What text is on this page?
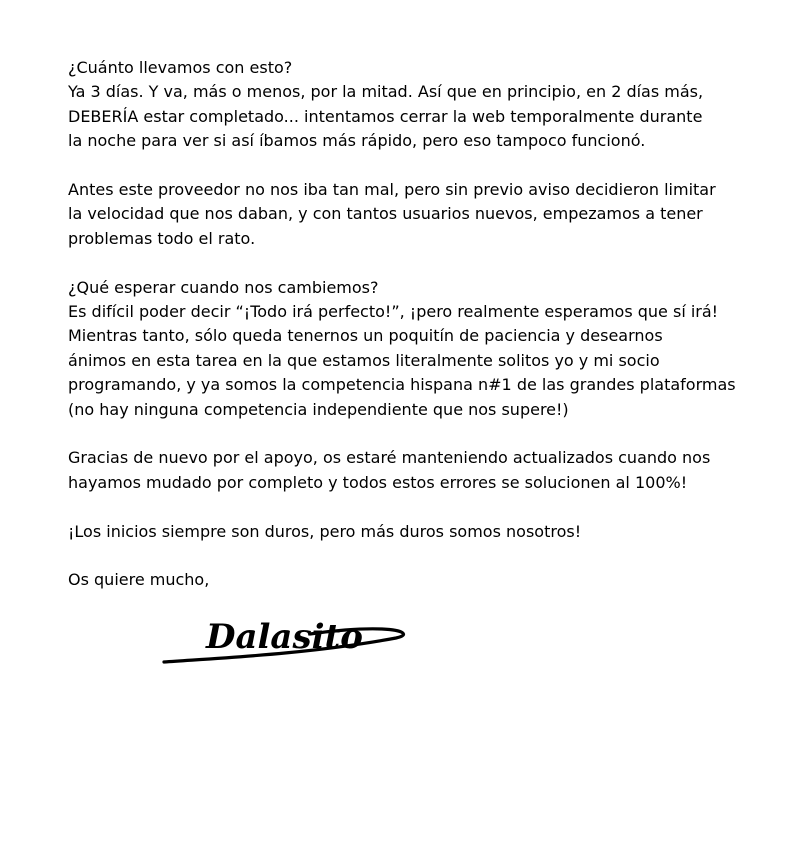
¿Cuánto llevamos con esto?
Ya 3 días. Y va, más o menos, por la mitad. Así que en principio, en 2 días más,
DEBERÍA estar completado... intentamos cerrar la web temporalmente durante
la noche para ver si así íbamos más rápido, pero eso tampoco funcionó.

Antes este proveedor no nos iba tan mal, pero sin previo aviso decidieron limitar
la velocidad que nos daban, y con tantos usuarios nuevos, empezamos a tener
problemas todo el rato.

¿Qué esperar cuando nos cambiemos?
Es difícil poder decir “¡Todo irá perfecto!”, ¡pero realmente esperamos que sí irá!
Mientras tanto, sólo queda tenernos un poquitín de paciencia y desearnos
ánimos en esta tarea en la que estamos literalmente solitos yo y mi socio
programando, y ya somos la competencia hispana n#1 de las grandes plataformas
(no hay ninguna competencia independiente que nos supere!)

Gracias de nuevo por el apoyo, os estaré manteniendo actualizados cuando nos
hayamos mudado por completo y todos estos errores se solucionen al 100%!

¡Los inicios siempre son duros, pero más duros somos nosotros!

Os quiere mucho,

Dalasito
